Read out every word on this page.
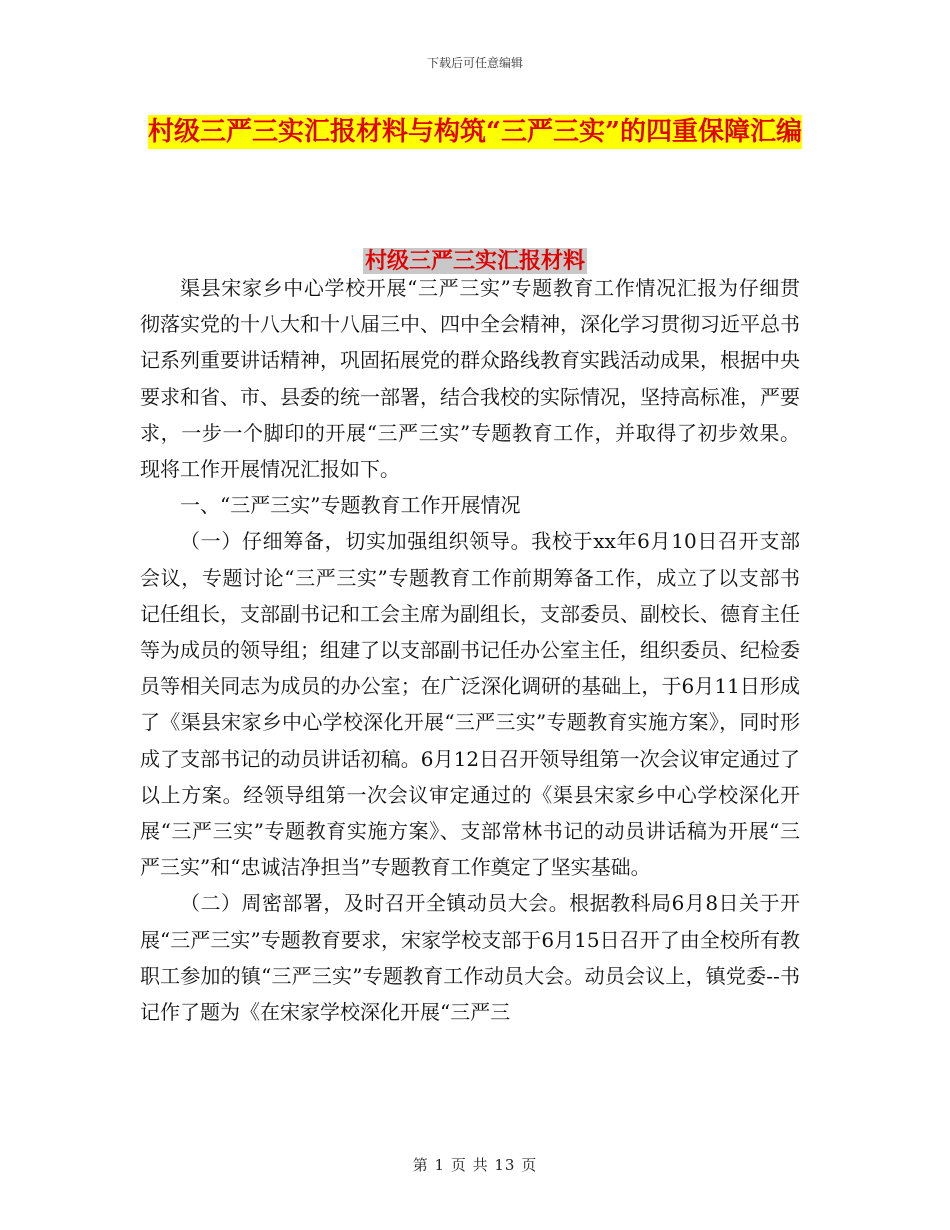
下载后可任意编辑
村级三严三实汇报材料与构筑“三严三实”的四重保障汇编
村级三严三实汇报材料

渠县宋家乡中心学校开展“三严三实”专题教育工作情况汇报为仔细贯彻落实党的十八大和十八届三中、四中全会精神，深化学习贯彻习近平总书记系列重要讲话精神，巩固拓展党的群众路线教育实践活动成果，根据中央要求和省、市、县委的统一部署，结合我校的实际情况，坚持高标准，严要求，一步一个脚印的开展“三严三实”专题教育工作，并取得了初步效果。现将工作开展情况汇报如下。

一、“三严三实”专题教育工作开展情况

（一）仔细筹备，切实加强组织领导。我校于xx年6月10日召开支部会议，专题讨论“三严三实”专题教育工作前期筹备工作，成立了以支部书记任组长，支部副书记和工会主席为副组长，支部委员、副校长、德育主任等为成员的领导组；组建了以支部副书记任办公室主任，组织委员、纪检委员等相关同志为成员的办公室；在广泛深化调研的基础上，于6月11日形成了《渠县宋家乡中心学校深化开展“三严三实”专题教育实施方案》，同时形成了支部书记的动员讲话初稿。6月12日召开领导组第一次会议审定通过了以上方案。经领导组第一次会议审定通过的《渠县宋家乡中心学校深化开展“三严三实”专题教育实施方案》、支部常林书记的动员讲话稿为开展“三严三实”和“忠诚洁净担当”专题教育工作奠定了坚实基础。

（二）周密部署，及时召开全镇动员大会。根据教科局6月8日关于开展“三严三实”专题教育要求，宋家学校支部于6月15日召开了由全校所有教职工参加的镇“三严三实”专题教育工作动员大会。动员会议上，镇党委--书记作了题为《在宋家学校深化开展“三严三

第 1 页 共 13 页
